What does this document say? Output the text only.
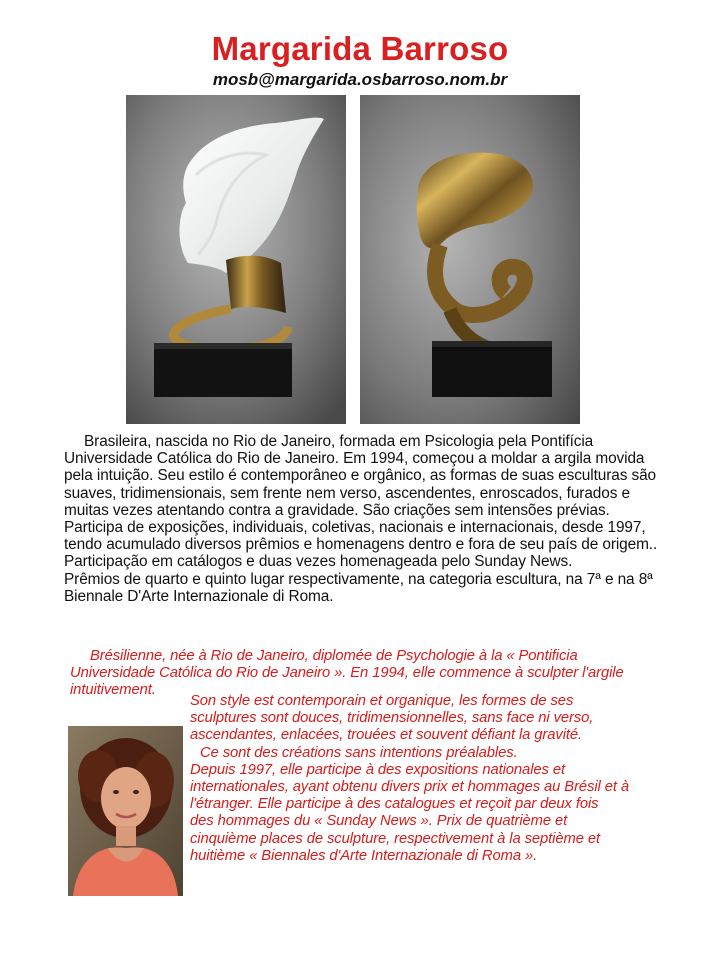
Margarida Barroso
mosb@margarida.osbarroso.nom.br

Brasileira, nascida no Rio de Janeiro, formada em Psicologia pela Pontifícia

Universidade Católica do Rio de Janeiro. Em 1994, começou a moldar a argila movida

pela intuição. Seu estilo é contemporâneo e orgânico, as formas de suas esculturas são

suaves, tridimensionais, sem frente nem verso, ascendentes, enroscados, furados e

muitas vezes atentando contra a gravidade. São criações sem intensões prévias.

Participa de exposições, individuais, coletivas, nacionais e internacionais, desde 1997,

tendo acumulado diversos prêmios e homenagens dentro e fora de seu país de origem..

Participação em catálogos e duas vezes homenageada pelo Sunday News.

Prêmios de quarto e quinto lugar respectivamente, na categoria escultura, na 7ª e na 8ª

Biennale D'Arte Internazionale di Roma.

Brésilienne, née à Rio de Janeiro, diplomée de Psychologie à la « Pontificia

Universidade Católica do Rio de Janeiro ». En 1994, elle commence à sculpter l'argile

intuitivement.

Son style est contemporain et organique, les formes de ses

sculptures sont douces, tridimensionnelles, sans face ni verso,

ascendantes, enlacées, trouées et souvent défiant la gravité.

Ce sont des créations sans intentions préalables.

Depuis 1997, elle participe à des expositions nationales et

internationales, ayant obtenu divers prix et hommages au Brésil et à

l'étranger. Elle participe à des catalogues et reçoit par deux fois

des hommages du « Sunday News ». Prix de quatrième et

cinquième places de sculpture, respectivement à la septième et

huitième « Biennales d'Arte Internazionale di Roma ».
